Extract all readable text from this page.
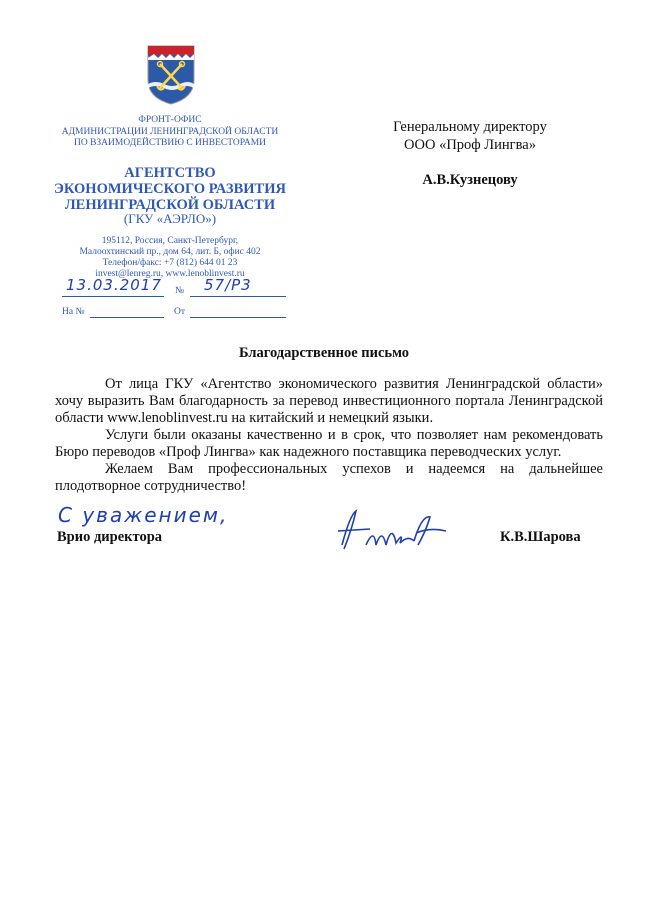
ФРОНТ-ОФИС
АДМИНИСТРАЦИИ ЛЕНИНГРАДСКОЙ ОБЛАСТИ
ПО ВЗАИМОДЕЙСТВИЮ С ИНВЕСТОРАМИ
АГЕНТСТВО
ЭКОНОМИЧЕСКОГО РАЗВИТИЯ
ЛЕНИНГРАДСКОЙ ОБЛАСТИ
(ГКУ «АЭРЛО»)
195112, Россия, Санкт-Петербург,
Малоохтинский пр., дом 64, лит. Б, офис 402
Телефон/факс: +7 (812) 644 01 23
invest@lenreg.ru, www.lenoblinvest.ru
13.03.2017 № 57/Р3
На №	От
Генеральному директору
ООО «Проф Лингва»
А.В.Кузнецову
Благодарственное письмо

От лица ГКУ «Агентство экономического развития Ленинградской области» хочу выразить Вам благодарность за перевод инвестиционного портала Ленинградской области www.lenoblinvest.ru на китайский и немецкий языки.

Услуги были оказаны качественно и в срок, что позволяет нам рекомендовать Бюро переводов «Проф Лингва» как надежного поставщика переводческих услуг.

Желаем Вам профессиональных успехов и надеемся на дальнейшее плодотворное сотрудничество!

С уважением,
Врио директора	К.В.Шарова
